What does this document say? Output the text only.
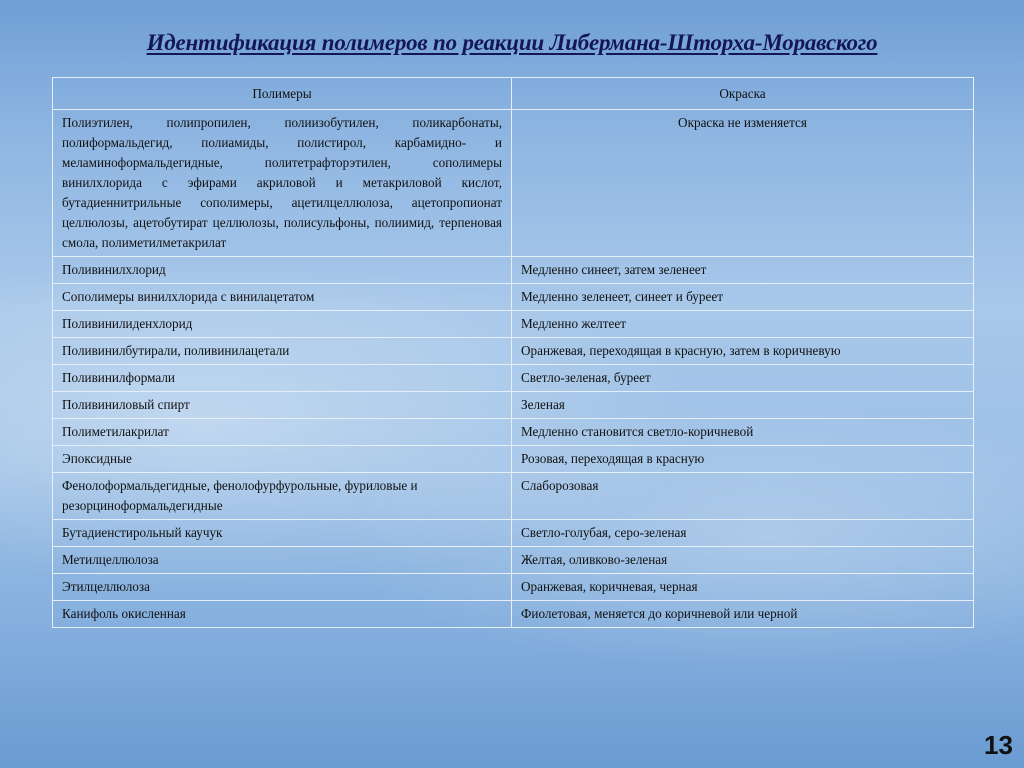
Идентификация полимеров по реакции Либермана-Шторха-Моравского
Полимеры	Окраска
Полиэтилен, полипропилен, полиизобутилен, поликарбонаты, полиформальдегид, полиамиды, полистирол, карбамидно- и меламиноформальдегидные, политетрафторэтилен, сополимеры винилхлорида с эфирами акриловой и метакриловой кислот, бутадиеннитрильные сополимеры, ацетилцеллюлоза, ацетопропионат целлюлозы, ацетобутират целлюлозы, полисульфоны, полиимид, терпеновая смола, полиметилметакрилат	Окраска не изменяется
Поливинилхлорид	Медленно синеет, затем зеленеет
Сополимеры винилхлорида с винилацетатом	Медленно зеленеет, синеет и буреет
Поливинилиденхлорид	Медленно желтеет
Поливинилбутирали, поливинилацетали	Оранжевая, переходящая в красную, затем в коричневую
Поливинилформали	Светло-зеленая, буреет
Поливиниловый спирт	Зеленая
Полиметилакрилат	Медленно становится светло-коричневой
Эпоксидные	Розовая, переходящая в красную
Фенолоформальдегидные, фенолофурфурольные, фуриловые и резорциноформальдегидные	Слаборозовая
Бутадиенстирольный каучук	Светло-голубая, серо-зеленая
Метилцеллюлоза	Желтая, оливково-зеленая
Этилцеллюлоза	Оранжевая, коричневая, черная
Канифоль окисленная	Фиолетовая, меняется до коричневой или черной
13
